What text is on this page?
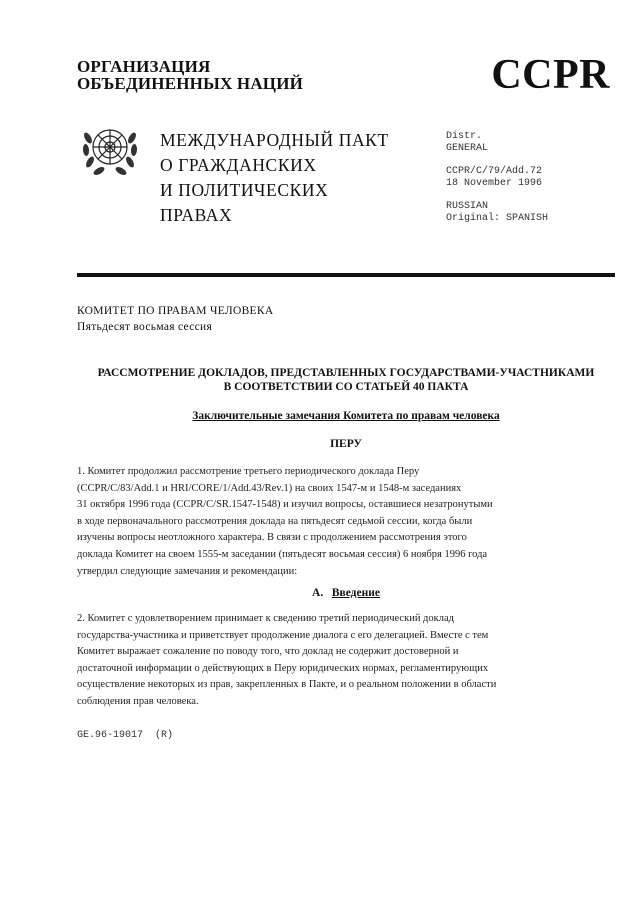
ОРГАНИЗАЦИЯ
ОБЪЕДИНЕННЫХ НАЦИЙ	CCPR
МЕЖДУНАРОДНЫЙ ПАКТ
О ГРАЖДАНСКИХ
И ПОЛИТИЧЕСКИХ
ПРАВАХ
Distr.
GENERAL
CCPR/C/79/Add.72
18 November 1996
RUSSIAN
Original: SPANISH
КОМИТЕТ ПО ПРАВАМ ЧЕЛОВЕКА
Пятьдесят восьмая сессия
РАССМОТРЕНИЕ ДОКЛАДОВ, ПРЕДСТАВЛЕННЫХ ГОСУДАРСТВАМИ-УЧАСТНИКАМИ
В СООТВЕТСТВИИ СО СТАТЬЕЙ 40 ПАКТА
Заключительные замечания Комитета по правам человека
ПЕРУ
1. Комитет продолжил рассмотрение третьего периодического доклада Перу
(CCPR/C/83/Add.1 и HRI/CORE/1/Add.43/Rev.1) на своих 1547-м и 1548-м заседаниях
31 октября 1996 года (CCPR/C/SR.1547-1548) и изучил вопросы, оставшиеся незатронутыми
в ходе первоначального рассмотрения доклада на пятьдесят седьмой сессии, когда были
изучены вопросы неотложного характера. В связи с продолжением рассмотрения этого
доклада Комитет на своем 1555-м заседании (пятьдесят восьмая сессия) 6 ноября 1996 года
утвердил следующие замечания и рекомендации:
A. Введение
2. Комитет с удовлетворением принимает к сведению третий периодический доклад
государства-участника и приветствует продолжение диалога с его делегацией. Вместе с тем
Комитет выражает сожаление по поводу того, что доклад не содержит достоверной и
достаточной информации о действующих в Перу юридических нормах, регламентирующих
осуществление некоторых из прав, закрепленных в Пакте, и о реальном положении в области
соблюдения прав человека.
GE.96-19017  (R)
